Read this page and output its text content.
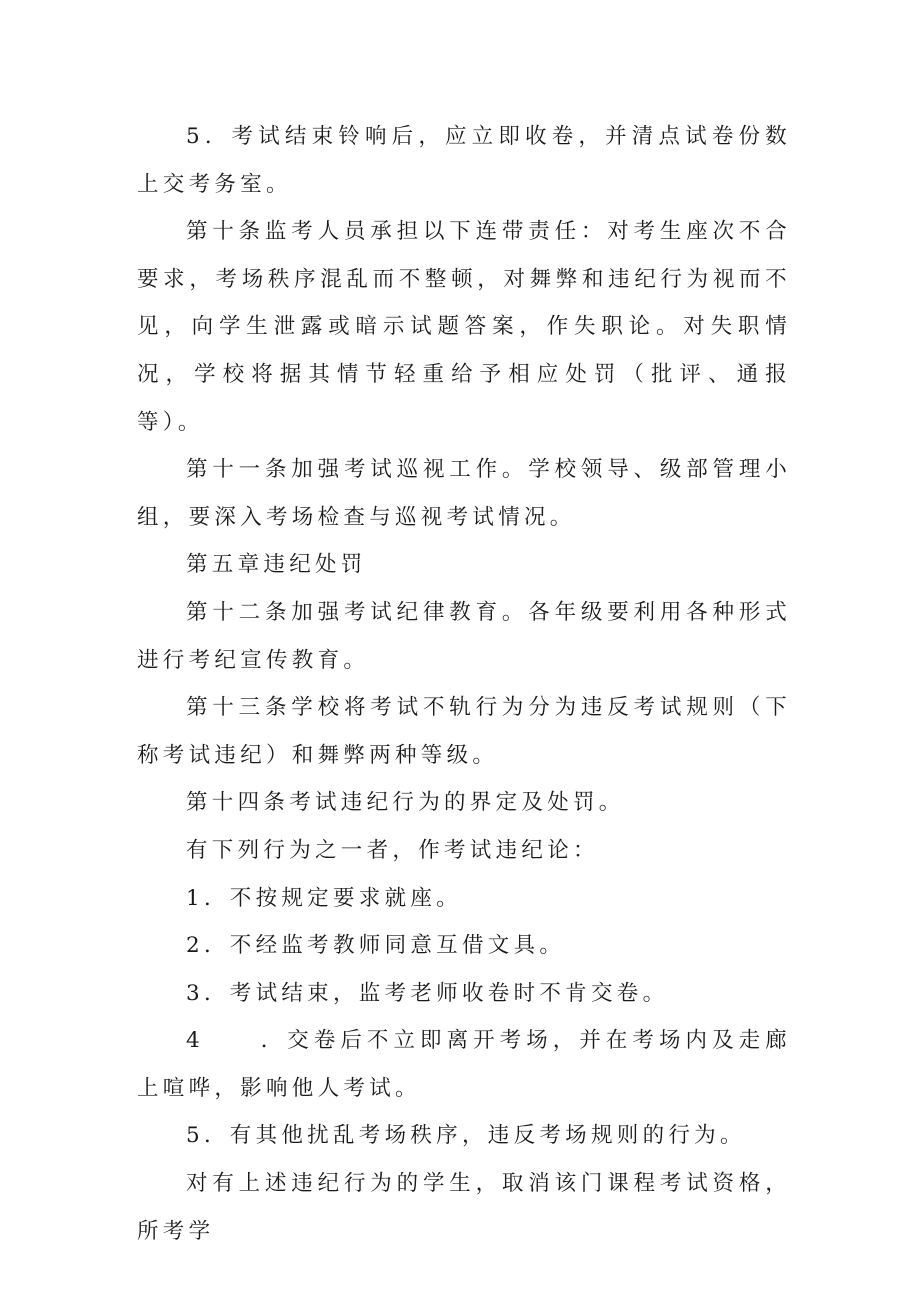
5．考试结束铃响后，应立即收卷，并清点试卷份数上交考务室。

第十条监考人员承担以下连带责任：对考生座次不合要求，考场秩序混乱而不整顿，对舞弊和违纪行为视而不见，向学生泄露或暗示试题答案，作失职论。对失职情况，学校将据其情节轻重给予相应处罚（批评、通报等）。

第十一条加强考试巡视工作。学校领导、级部管理小组，要深入考场检查与巡视考试情况。

第五章违纪处罚

第十二条加强考试纪律教育。各年级要利用各种形式进行考纪宣传教育。

第十三条学校将考试不轨行为分为违反考试规则（下称考试违纪）和舞弊两种等级。

第十四条考试违纪行为的界定及处罚。

有下列行为之一者，作考试违纪论：

1．不按规定要求就座。

2．不经监考教师同意互借文具。

3．考试结束，监考老师收卷时不肯交卷。

4	．交卷后不立即离开考场，并在考场内及走廊上喧哗，影响他人考试。

5．有其他扰乱考场秩序，违反考场规则的行为。

对有上述违纪行为的学生，取消该门课程考试资格，所考学
